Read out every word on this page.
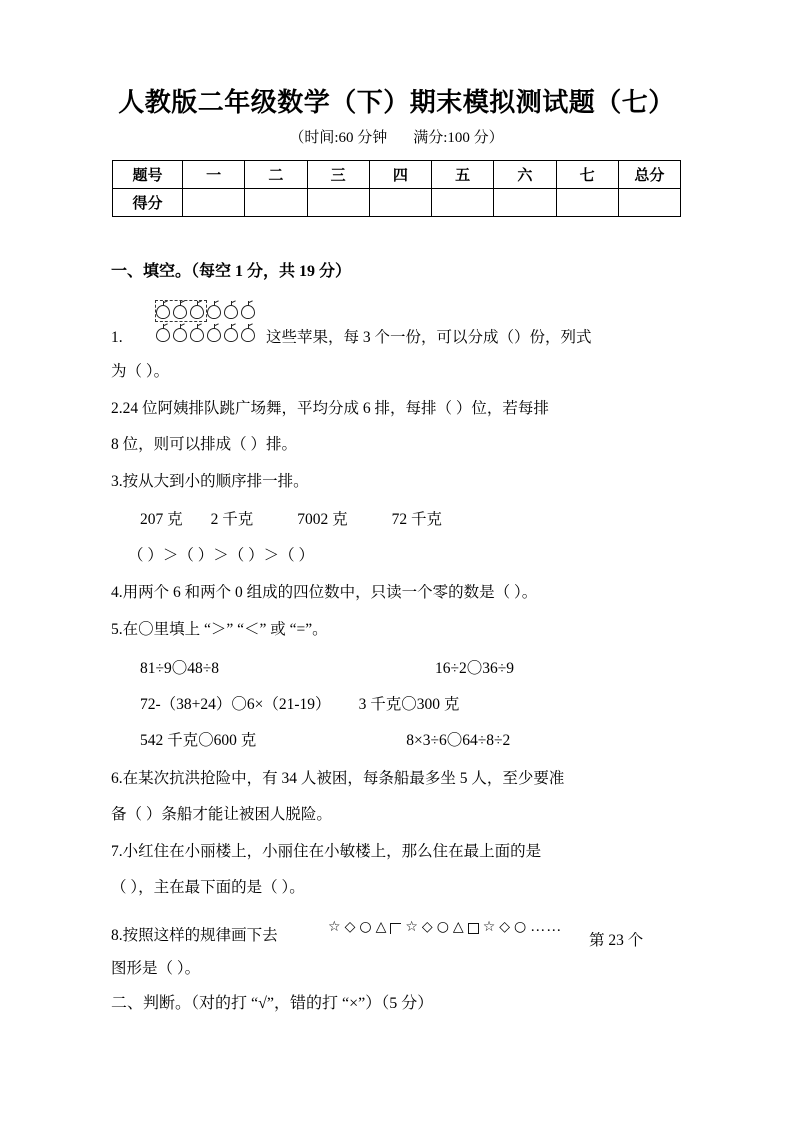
人教版二年级数学（下）期末模拟测试题（七）
（时间:60 分钟 满分:100 分）
题号	一	二	三	四	五	六	七	总分
得分								
一、填空。（每空 1 分，共 19 分）
1.	这些苹果，每 3 个一份，可以分成（）份，列式
为（ ）。
2.24 位阿姨排队跳广场舞，平均分成 6 排，每排（ ）位，若每排
8 位，则可以排成（ ）排。
3.按从大到小的顺序排一排。
207 克 2 千克	7002 克	72 千克
（ ）＞（ ）＞（ ）＞（ ）
4.用两个 6 和两个 0 组成的四位数中，只读一个零的数是（ ）。
5.在〇里填上 “＞” “＜” 或 “=”。
81÷9〇48÷8	16÷2〇36÷9
72-（38+24）〇6×（21-19） 3 千克〇300 克
542 千克〇600 克	8×3÷6〇64÷8÷2
6.在某次抗洪抢险中，有 34 人被困，每条船最多坐 5 人，至少要准
备（ ）条船才能让被困人脱险。
7.小红住在小丽楼上，小丽住在小敏楼上，那么住在最上面的是
（ ），主在最下面的是（ ）。
8.按照这样的规律画下去	☆ ◇ ○ △ ☆ ◇ ○ △ ☆ ◇ ○ ……
第 23 个
图形是（ ）。
二、判断。（对的打 “√”，错的打 “×”）（5 分）
